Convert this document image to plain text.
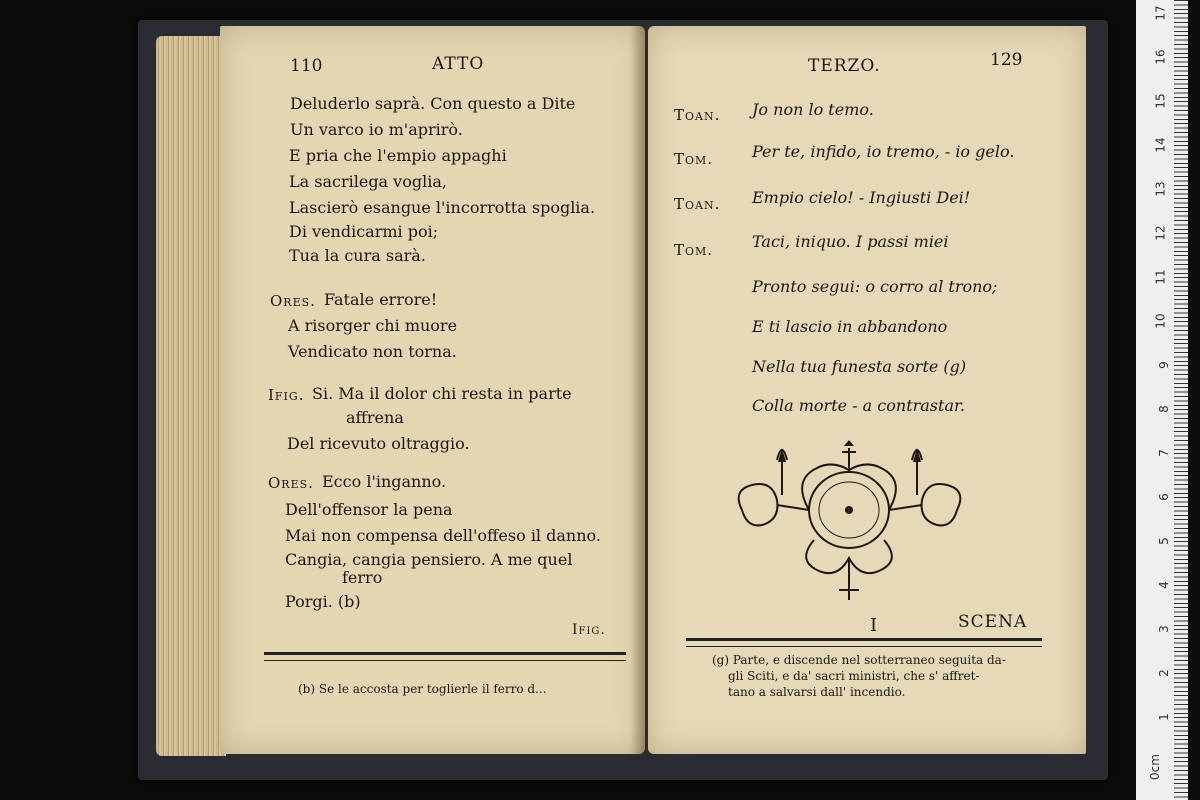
110	ATTO
Deluderlo saprà. Con questo a Dite
Un varco io m'aprirò.
E pria che l'empio appaghi
La sacrilega voglia,
Lascierò esangue l'incorrotta spoglia.
Di vendicarmi poi;
Tua la cura sarà.
Ores. Fatale errore!
A risorger chi muore
Vendicato non torna.
Ifig. Si. Ma il dolor chi resta in parte
affrena
Del ricevuto oltraggio.
Ores. Ecco l'inganno.
Dell'offensor la pena
Mai non compensa dell'offeso il danno.
Cangia, cangia pensiero. A me quel
ferro
Porgi. (b)
Ifig.
(b) Se le accosta per toglierle il ferro d...
TERZO.	129
Toan. Jo non lo temo.
Tom. Per te, infido, io tremo, - io gelo.
Toan. Empio cielo! - Ingiusti Dei!
Tom. Taci, iniquo. I passi miei
Pronto segui: o corro al trono;
E ti lascio in abbandono
Nella tua funesta sorte (g)
Colla morte - a contrastar.
I	SCENA
(g) Parte, e discende nel sotterraneo seguita da-
gli Sciti, e da' sacri ministri, che s' affret-
tano a salvarsi dall' incendio.
17
16
15
14
13
12
11
10
9
8
7
6
5
4
3
2
1
0cm
